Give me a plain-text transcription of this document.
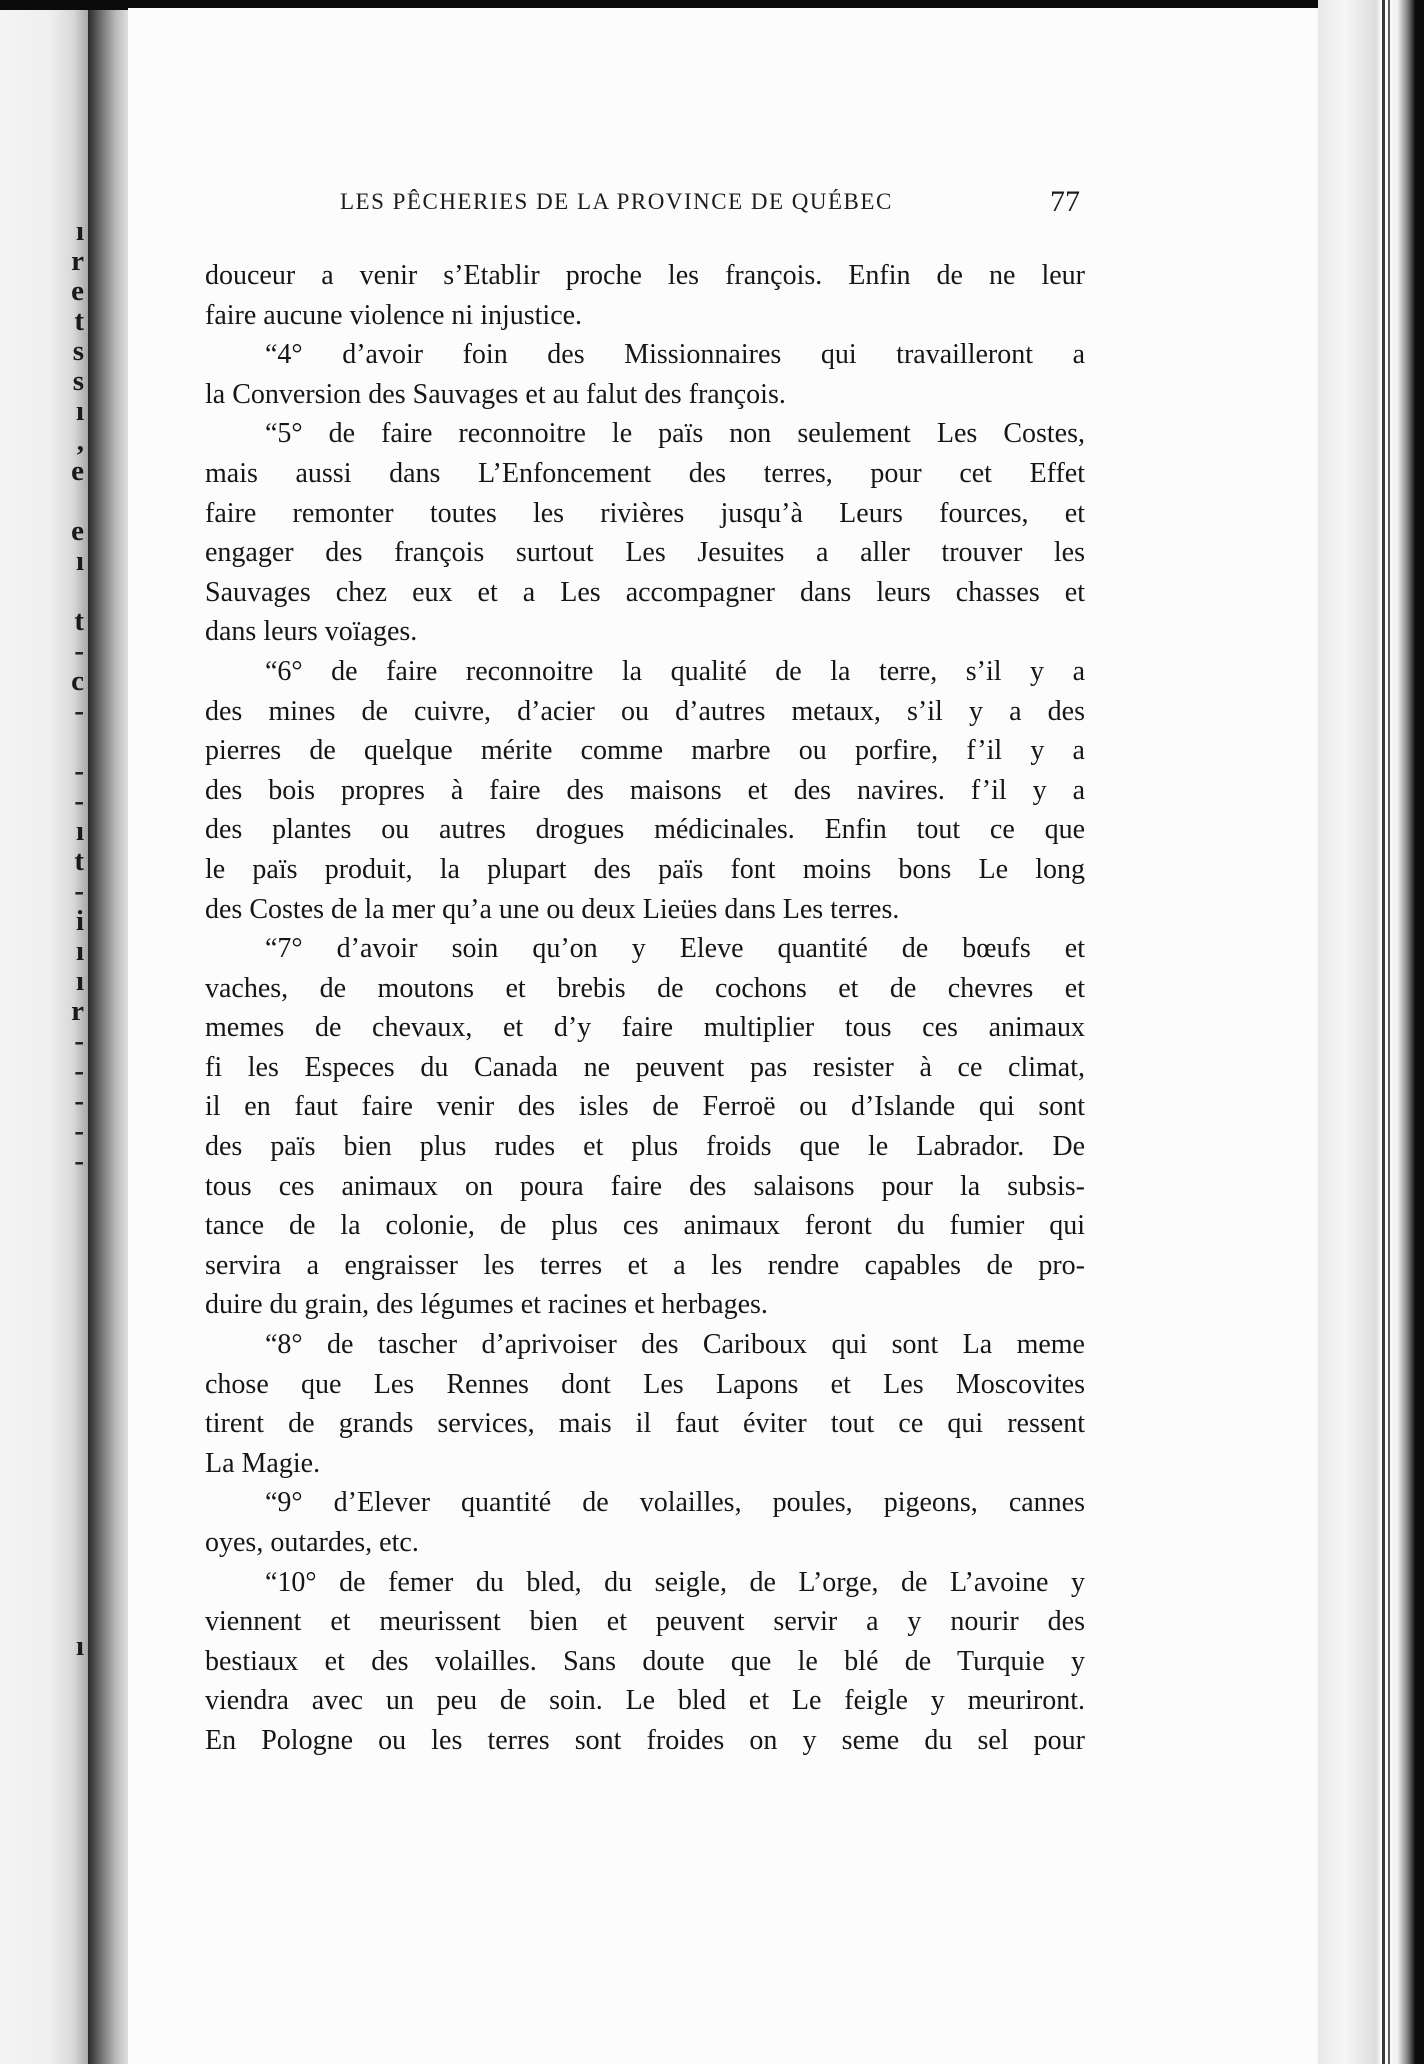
ı
r
e
t
s
s
ı
,
e
e
ı
t
-
c
-
-
-
ı
t
-
i
ı
ı
r
-
-
-
-
-
ı
LES PÊCHERIES DE LA PROVINCE DE QUÉBEC	77
douceur a venir s’Etablir proche les françois. Enfin de ne leur
faire aucune violence ni injustice.
“4° d’avoir foin des Missionnaires qui travailleront a
la Conversion des Sauvages et au falut des françois.
“5° de faire reconnoitre le païs non seulement Les Costes,
mais aussi dans L’Enfoncement des terres, pour cet Effet
faire remonter toutes les rivières jusqu’à Leurs fources, et
engager des françois surtout Les Jesuites a aller trouver les
Sauvages chez eux et a Les accompagner dans leurs chasses et
dans leurs voïages.
“6° de faire reconnoitre la qualité de la terre, s’il y a
des mines de cuivre, d’acier ou d’autres metaux, s’il y a des
pierres de quelque mérite comme marbre ou porfire, f’il y a
des bois propres à faire des maisons et des navires. f’il y a
des plantes ou autres drogues médicinales. Enfin tout ce que
le païs produit, la plupart des païs font moins bons Le long
des Costes de la mer qu’a une ou deux Lieües dans Les terres.
“7° d’avoir soin qu’on y Eleve quantité de bœufs et
vaches, de moutons et brebis de cochons et de chevres et
memes de chevaux, et d’y faire multiplier tous ces animaux
fi les Especes du Canada ne peuvent pas resister à ce climat,
il en faut faire venir des isles de Ferroë ou d’Islande qui sont
des païs bien plus rudes et plus froids que le Labrador. De
tous ces animaux on poura faire des salaisons pour la subsis-
tance de la colonie, de plus ces animaux feront du fumier qui
servira a engraisser les terres et a les rendre capables de pro-
duire du grain, des légumes et racines et herbages.
“8° de tascher d’aprivoiser des Cariboux qui sont La meme
chose que Les Rennes dont Les Lapons et Les Moscovites
tirent de grands services, mais il faut éviter tout ce qui ressent
La Magie.
“9° d’Elever quantité de volailles, poules, pigeons, cannes
oyes, outardes, etc.
“10° de femer du bled, du seigle, de L’orge, de L’avoine y
viennent et meurissent bien et peuvent servir a y nourir des
bestiaux et des volailles. Sans doute que le blé de Turquie y
viendra avec un peu de soin. Le bled et Le feigle y meuriront.
En Pologne ou les terres sont froides on y seme du sel pour
